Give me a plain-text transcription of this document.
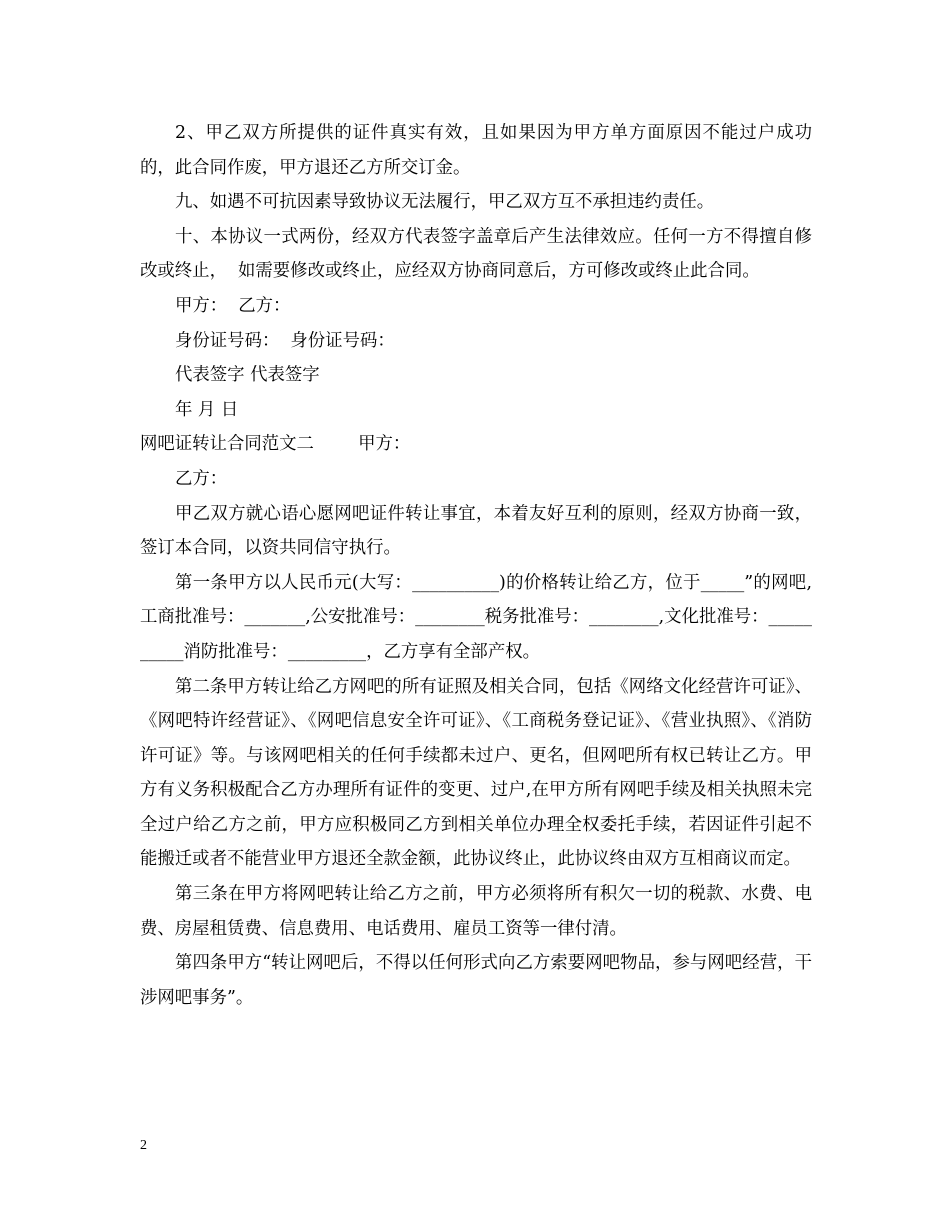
2、甲乙双方所提供的证件真实有效，且如果因为甲方单方面原因不能过户成功的，此合同作废，甲方退还乙方所交订金。

九、如遇不可抗因素导致协议无法履行，甲乙双方互不承担违约责任。

十、本协议一式两份，经双方代表签字盖章后产生法律效应。任何一方不得擅自修改或终止，  如需要修改或终止，应经双方协商同意后，方可修改或终止此合同。

甲方：  乙方：

身份证号码：  身份证号码：

代表签字 代表签字

年 月 日

网吧证转让合同范文二        甲方：

乙方：

甲乙双方就心语心愿网吧证件转让事宜，本着友好互利的原则，经双方协商一致，签订本合同，以资共同信守执行。

第一条甲方以人民币元(大写：__________)的价格转让给乙方，位于_____”的网吧,工商批准号：_______,公安批准号：________税务批准号：________,文化批准号：__________消防批准号：_________，乙方享有全部产权。

第二条甲方转让给乙方网吧的所有证照及相关合同，包括《网络文化经营许可证》、《网吧特许经营证》、《网吧信息安全许可证》、《工商税务登记证》、《营业执照》、《消防许可证》等。与该网吧相关的任何手续都未过户、更名，但网吧所有权已转让乙方。甲方有义务积极配合乙方办理所有证件的变更、过户,在甲方所有网吧手续及相关执照未完全过户给乙方之前，甲方应积极同乙方到相关单位办理全权委托手续，若因证件引起不能搬迁或者不能营业甲方退还全款金额，此协议终止，此协议终由双方互相商议而定。

第三条在甲方将网吧转让给乙方之前，甲方必须将所有积欠一切的税款、水费、电费、房屋租赁费、信息费用、电话费用、雇员工资等一律付清。

第四条甲方“转让网吧后，不得以任何形式向乙方索要网吧物品，参与网吧经营，干涉网吧事务”。

2
